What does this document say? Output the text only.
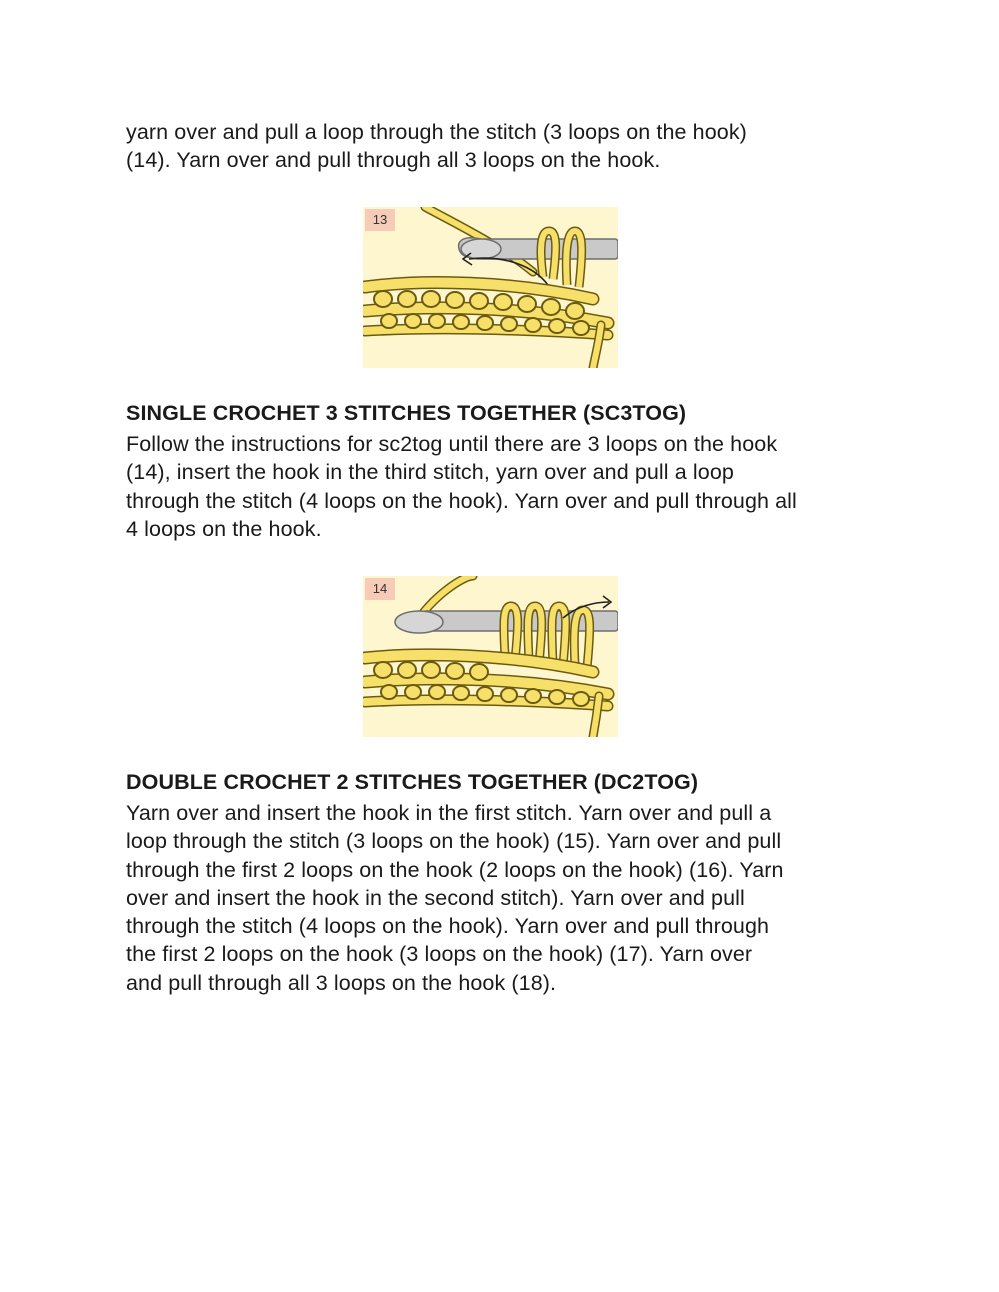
yarn over and pull a loop through the stitch (3 loops on the hook)
(14). Yarn over and pull through all 3 loops on the hook.

13

SINGLE CROCHET 3 STITCHES TOGETHER (SC3TOG)

Follow the instructions for sc2tog until there are 3 loops on the hook
(14), insert the hook in the third stitch, yarn over and pull a loop
through the stitch (4 loops on the hook). Yarn over and pull through all
4 loops on the hook.

14

DOUBLE CROCHET 2 STITCHES TOGETHER (DC2TOG)

Yarn over and insert the hook in the first stitch. Yarn over and pull a
loop through the stitch (3 loops on the hook) (15). Yarn over and pull
through the first 2 loops on the hook (2 loops on the hook) (16). Yarn
over and insert the hook in the second stitch). Yarn over and pull
through the stitch (4 loops on the hook). Yarn over and pull through
the first 2 loops on the hook (3 loops on the hook) (17). Yarn over
and pull through all 3 loops on the hook (18).
